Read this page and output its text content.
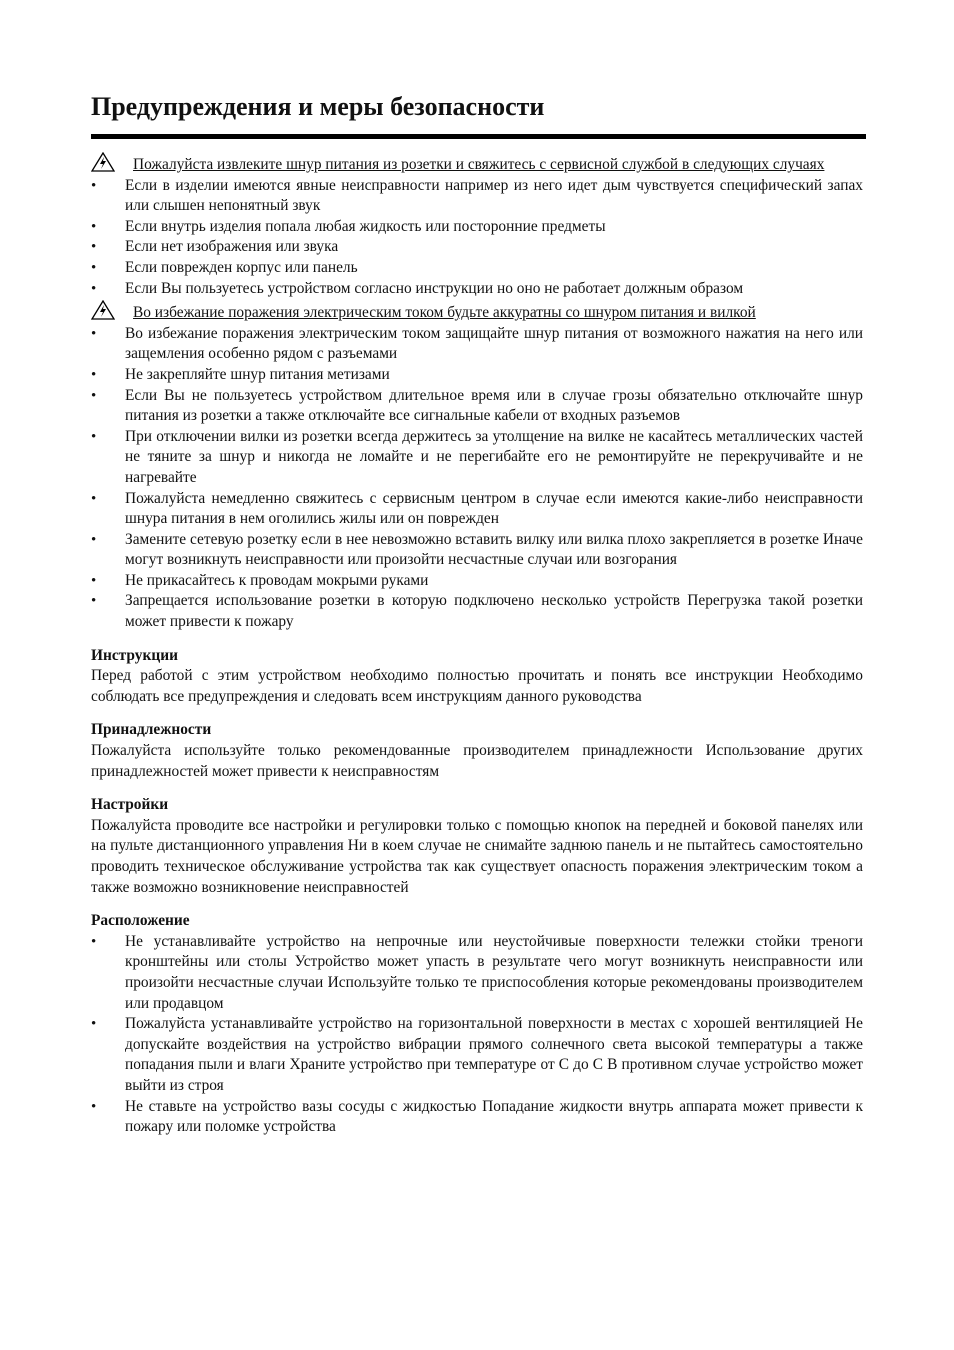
Предупреждения и меры безопасности

Пожалуйста извлеките шнур питания из розетки и свяжитесь с сервисной службой в следующих случаях

•
Если в изделии имеются явные неисправности например из него идет дым чувствуется специфический запах или слышен непонятный звук
•
Если внутрь изделия попала любая жидкость или посторонние предметы
•
Если нет изображения или звука
•
Если поврежден корпус или панель
•
Если Вы пользуетесь устройством согласно инструкции но оно не работает должным образом

Во избежание поражения электрическим током будьте аккуратны со шнуром питания и вилкой

•
Во избежание поражения электрическим током защищайте шнур питания от возможного нажатия на него или защемления особенно рядом с разъемами
•
Не закрепляйте шнур питания метизами
•
Если Вы не пользуетесь устройством длительное время или в случае грозы обязательно отключайте шнур питания из розетки а также отключайте все сигнальные кабели от входных разъемов
•
При отключении вилки из розетки всегда держитесь за утолщение на вилке не касайтесь металлических частей не тяните за шнур и никогда не ломайте и не перегибайте его не ремонтируйте не перекручивайте и не нагревайте
•
Пожалуйста немедленно свяжитесь с сервисным центром в случае если имеются какие-либо неисправности шнура питания в нем оголились жилы или он поврежден
•
Замените сетевую розетку если в нее невозможно вставить вилку или вилка плохо закрепляется в розетке Иначе могут возникнуть неисправности или произойти несчастные случаи или возгорания
•
Не прикасайтесь к проводам мокрыми руками
•
Запрещается использование розетки в которую подключено несколько устройств Перегрузка такой розетки может привести к пожару
Инструкции

Перед работой с этим устройством необходимо полностью прочитать и понять все инструкции Необходимо соблюдать все предупреждения и следовать всем инструкциям данного руководства

Принадлежности

Пожалуйста используйте только рекомендованные производителем принадлежности Использование других принадлежностей может привести к неисправностям

Настройки

Пожалуйста проводите все настройки и регулировки только с помощью кнопок на передней и боковой панелях или на пульте дистанционного управления Ни в коем случае не снимайте заднюю панель и не пытайтесь самостоятельно проводить техническое обслуживание устройства так как существует опасность поражения электрическим током а также возможно возникновение неисправностей

Расположение
•
Не устанавливайте устройство на непрочные или неустойчивые поверхности тележки стойки треноги кронштейны или столы Устройство может упасть в результате чего могут возникнуть неисправности или произойти несчастные случаи Используйте только те приспособления которые рекомендованы производителем или продавцом
•
Пожалуйста устанавливайте устройство на горизонтальной поверхности в местах с хорошей вентиляцией Не допускайте воздействия на устройство вибрации прямого солнечного света высокой температуры а также попадания пыли и влаги Храните устройство при температуре от С до С В противном случае устройство может выйти из строя
•
Не ставьте на устройство вазы сосуды с жидкостью Попадание жидкости внутрь аппарата может привести к пожару или поломке устройства
